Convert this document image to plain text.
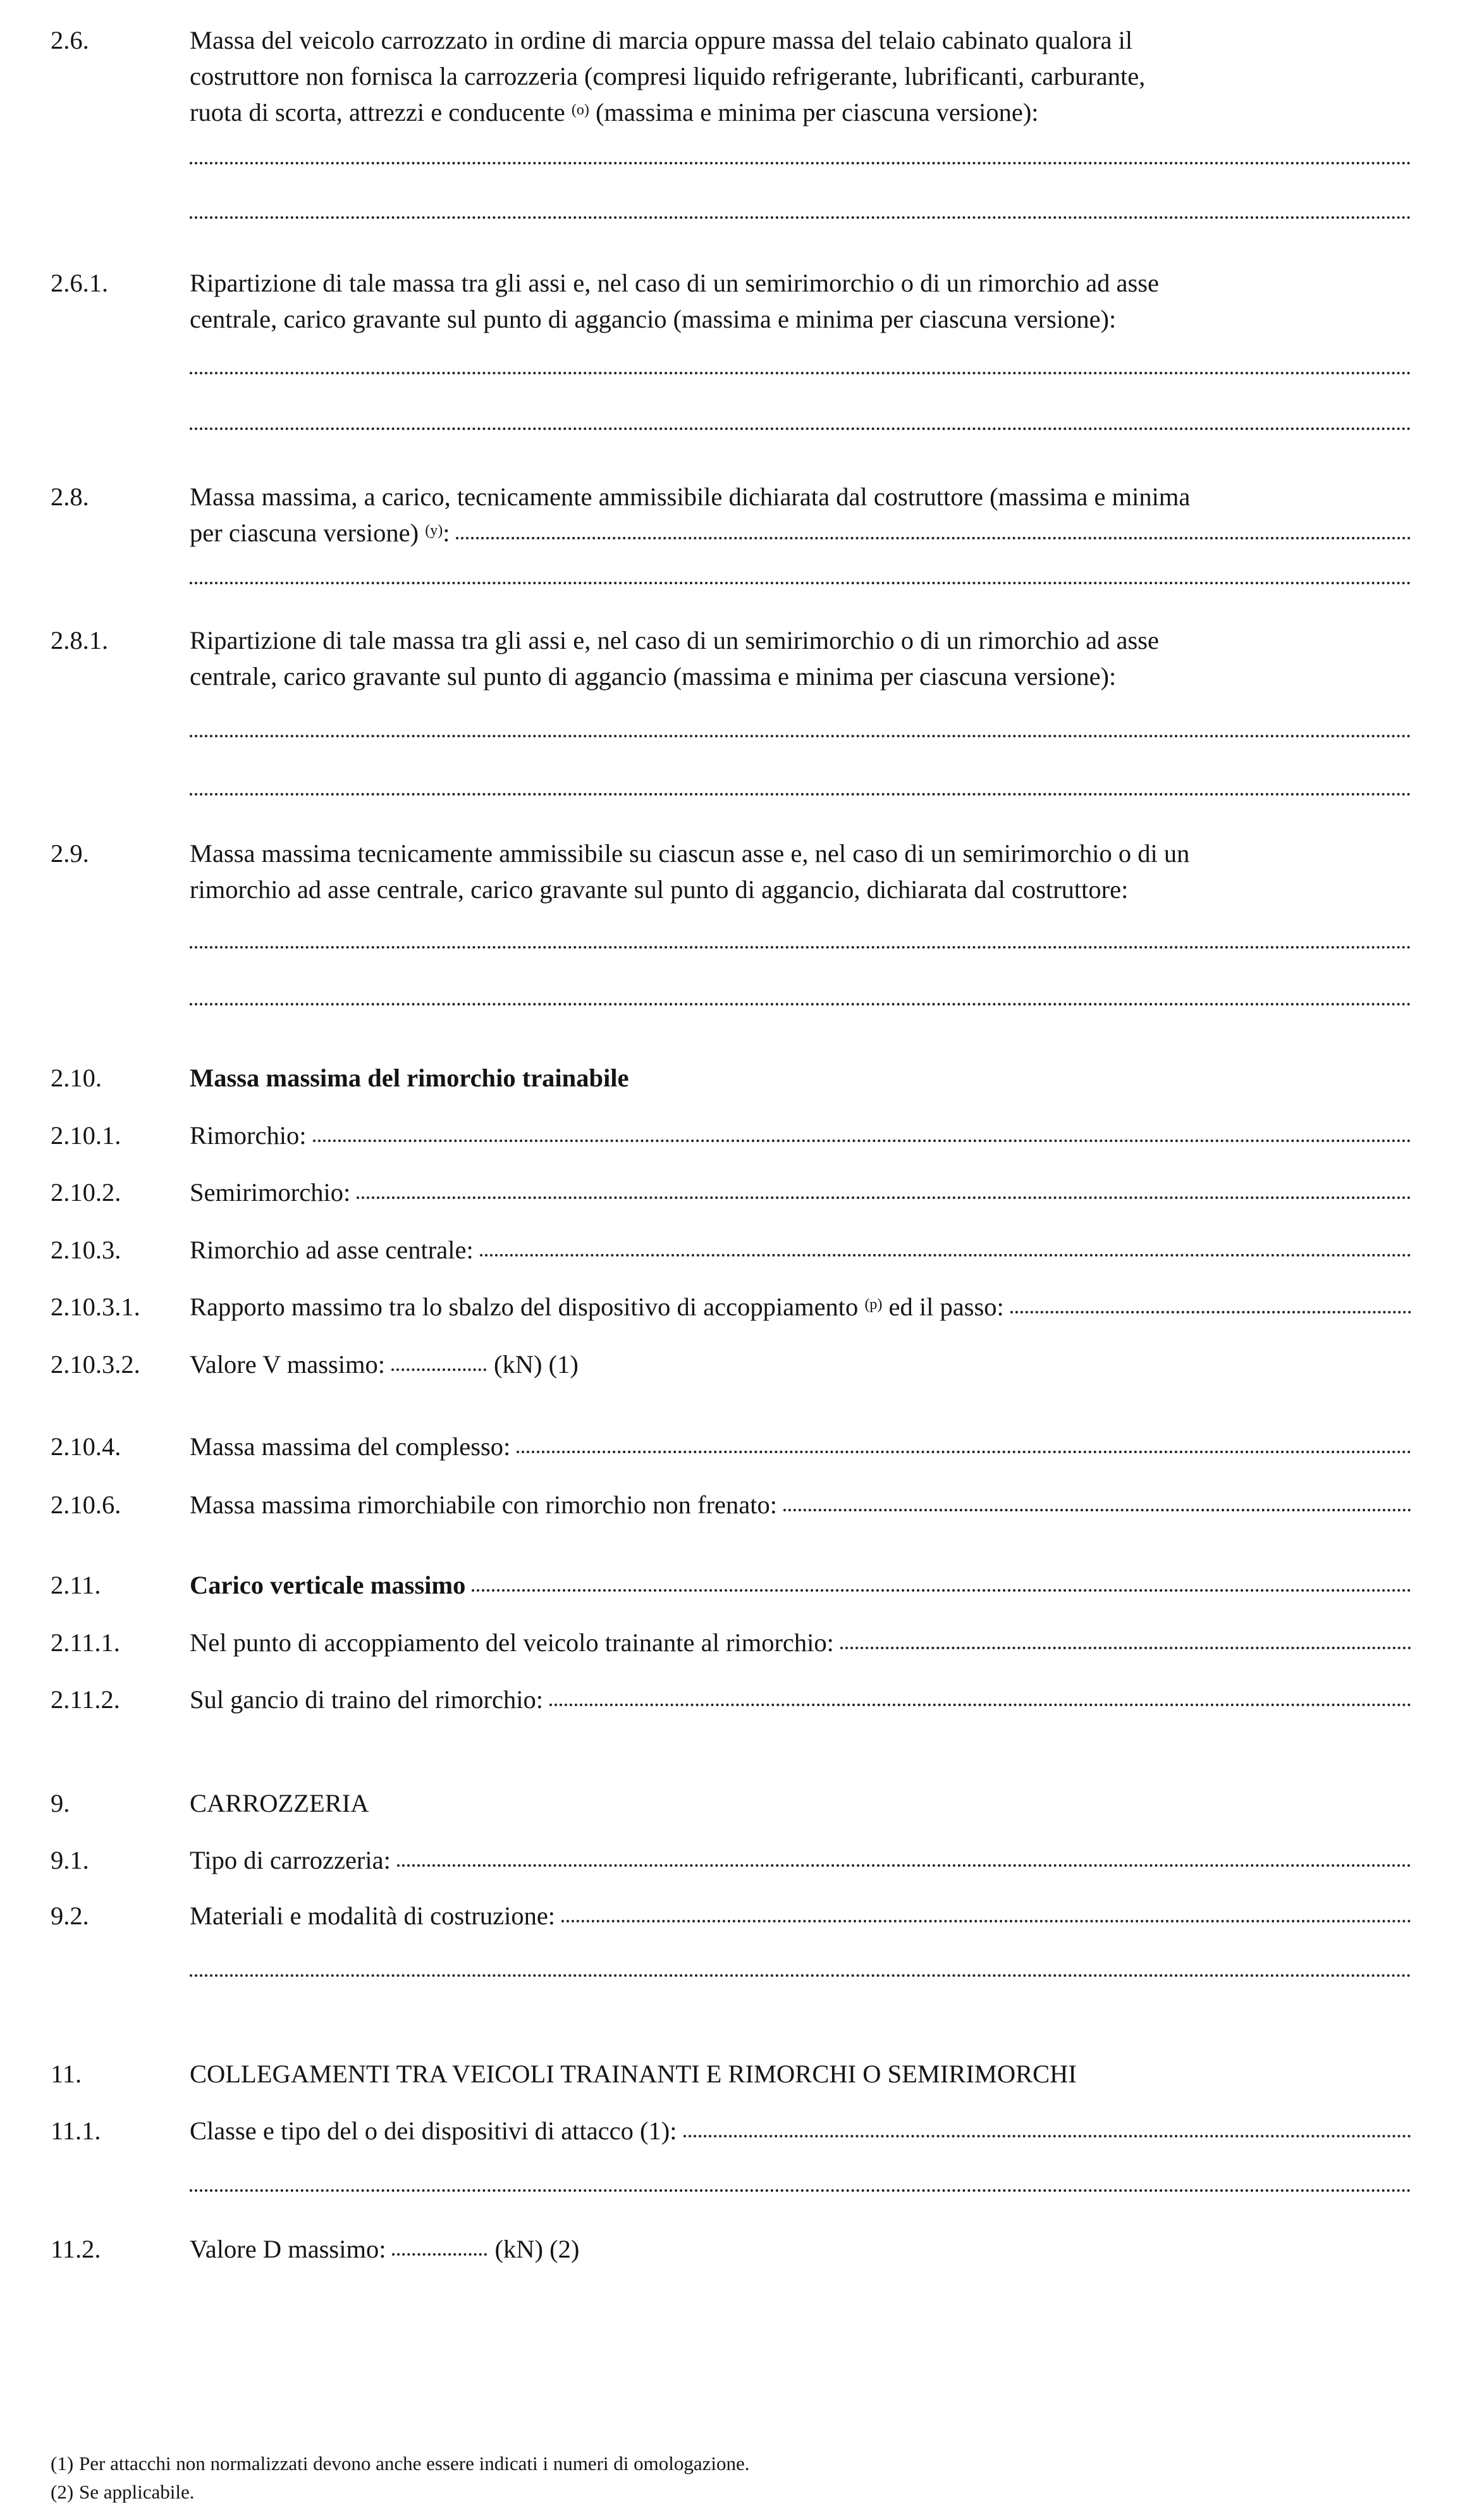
2.6.	Massa del veicolo carrozzato in ordine di marcia oppure massa del telaio cabinato qualora il
costruttore non fornisca la carrozzeria (compresi liquido refrigerante, lubrificanti, carburante,
ruota di scorta, attrezzi e conducente $^{(o)}$ (massima e minima per ciascuna versione):
2.6.1.	Ripartizione di tale massa tra gli assi e, nel caso di un semirimorchio o di un rimorchio ad asse
centrale, carico gravante sul punto di aggancio (massima e minima per ciascuna versione):
2.8.	Massa massima, a carico, tecnicamente ammissibile dichiarata dal costruttore (massima e minima
per ciascuna versione) $^{(y)}$:
2.8.1.	Ripartizione di tale massa tra gli assi e, nel caso di un semirimorchio o di un rimorchio ad asse
centrale, carico gravante sul punto di aggancio (massima e minima per ciascuna versione):
2.9.	Massa massima tecnicamente ammissibile su ciascun asse e, nel caso di un semirimorchio o di un
rimorchio ad asse centrale, carico gravante sul punto di aggancio, dichiarata dal costruttore:
2.10.	Massa massima del rimorchio trainabile
2.10.1.	Rimorchio:
2.10.2.	Semirimorchio:
2.10.3.	Rimorchio ad asse centrale:
2.10.3.1. Rapporto massimo tra lo sbalzo del dispositivo di accoppiamento $^{(p)}$ ed il passo:
2.10.3.2. Valore V massimo:	(kN) (1)
2.10.4.	Massa massima del complesso:
2.10.6.	Massa massima rimorchiabile con rimorchio non frenato:
2.11.	Carico verticale massimo
2.11.1.	Nel punto di accoppiamento del veicolo trainante al rimorchio:
2.11.2.	Sul gancio di traino del rimorchio:
9.	CARROZZERIA
9.1.	Tipo di carrozzeria:
9.2.	Materiali e modalità di costruzione:
11.	COLLEGAMENTI TRA VEICOLI TRAINANTI E RIMORCHI O SEMIRIMORCHI
11.1.	Classe e tipo del o dei dispositivi di attacco (1):
11.2.	Valore D massimo:	(kN) (2)
(1) Per attacchi non normalizzati devono anche essere indicati i numeri di omologazione.
(2) Se applicabile.
